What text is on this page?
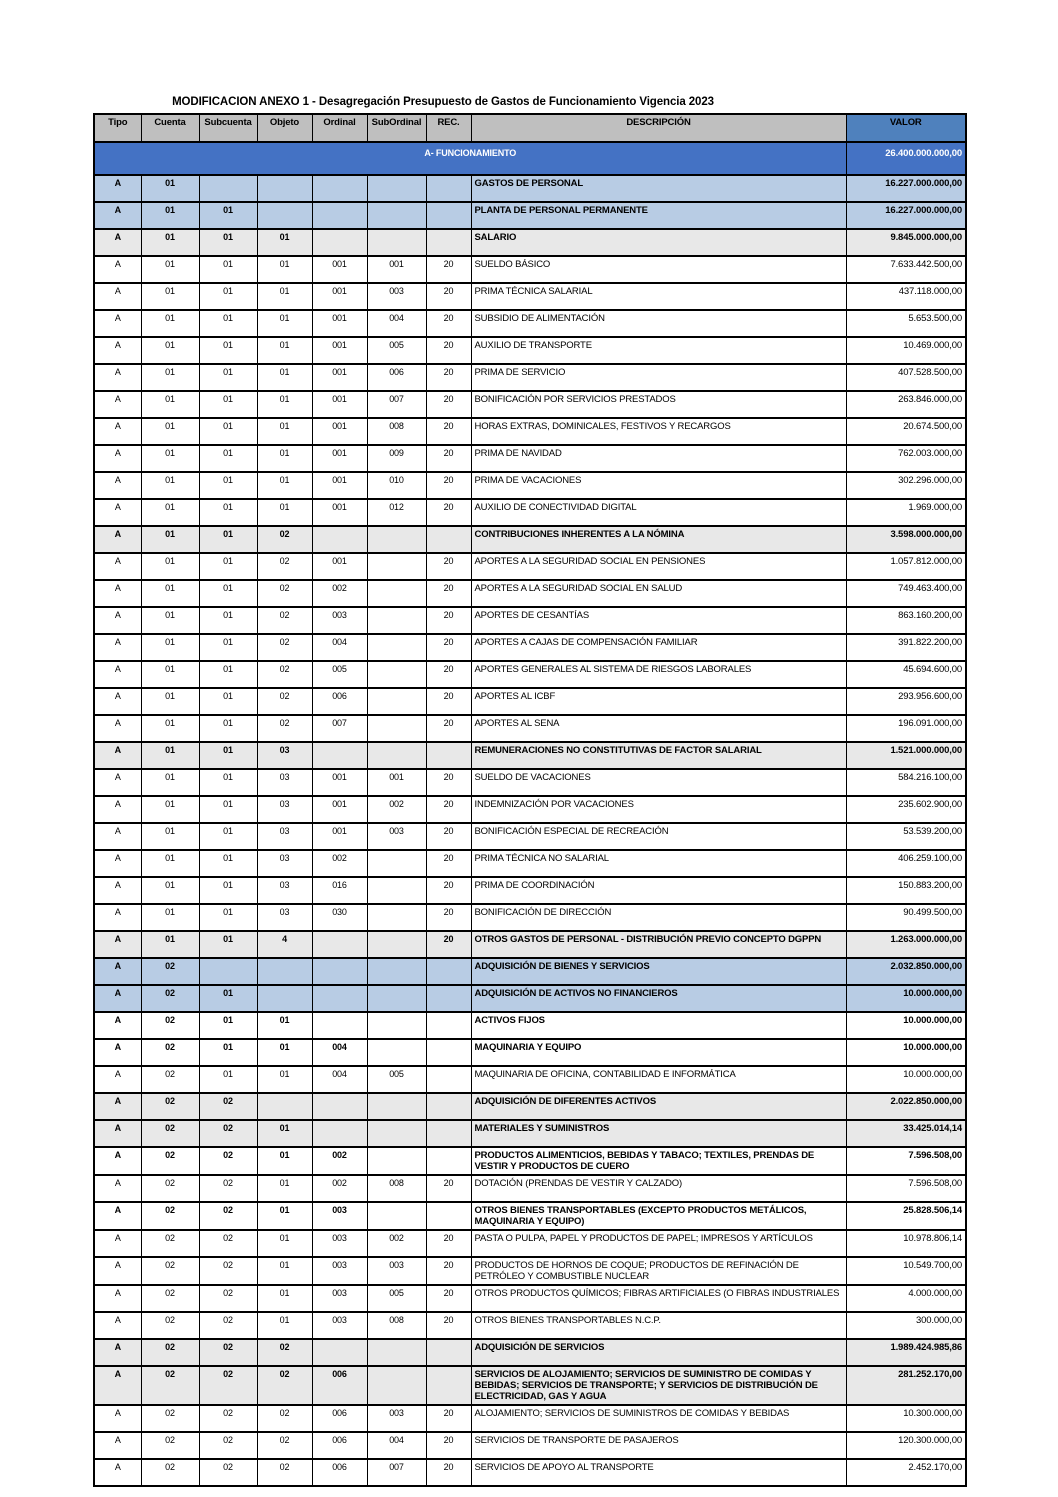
MODIFICACION ANEXO 1 - Desagregación Presupuesto de Gastos de Funcionamiento Vigencia 2023
Tipo	Cuenta	Subcuenta	Objeto	Ordinal	SubOrdinal	REC.	DESCRIPCIÓN	VALOR
A- FUNCIONAMIENTO								26.400.000.000,00
A	01						GASTOS DE PERSONAL	16.227.000.000,00
A	01	01					PLANTA DE PERSONAL PERMANENTE	16.227.000.000,00
A	01	01	01				SALARIO	9.845.000.000,00
A	01	01	01	001	001	20	SUELDO BÁSICO	7.633.442.500,00
A	01	01	01	001	003	20	PRIMA TÉCNICA SALARIAL	437.118.000,00
A	01	01	01	001	004	20	SUBSIDIO DE ALIMENTACIÓN	5.653.500,00
A	01	01	01	001	005	20	AUXILIO DE TRANSPORTE	10.469.000,00
A	01	01	01	001	006	20	PRIMA DE SERVICIO	407.528.500,00
A	01	01	01	001	007	20	BONIFICACIÓN POR SERVICIOS PRESTADOS	263.846.000,00
A	01	01	01	001	008	20	HORAS EXTRAS, DOMINICALES, FESTIVOS Y RECARGOS	20.674.500,00
A	01	01	01	001	009	20	PRIMA DE NAVIDAD	762.003.000,00
A	01	01	01	001	010	20	PRIMA DE VACACIONES	302.296.000,00
A	01	01	01	001	012	20	AUXILIO DE CONECTIVIDAD DIGITAL	1.969.000,00
A	01	01	02				CONTRIBUCIONES INHERENTES A LA NÓMINA	3.598.000.000,00
A	01	01	02	001		20	APORTES A LA SEGURIDAD SOCIAL EN PENSIONES	1.057.812.000,00
A	01	01	02	002		20	APORTES A LA SEGURIDAD SOCIAL EN SALUD	749.463.400,00
A	01	01	02	003		20	APORTES DE CESANTÍAS	863.160.200,00
A	01	01	02	004		20	APORTES A CAJAS DE COMPENSACIÓN FAMILIAR	391.822.200,00
A	01	01	02	005		20	APORTES GENERALES AL SISTEMA DE RIESGOS LABORALES	45.694.600,00
A	01	01	02	006		20	APORTES AL ICBF	293.956.600,00
A	01	01	02	007		20	APORTES AL SENA	196.091.000,00
A	01	01	03				REMUNERACIONES NO CONSTITUTIVAS DE FACTOR SALARIAL	1.521.000.000,00
A	01	01	03	001	001	20	SUELDO DE VACACIONES	584.216.100,00
A	01	01	03	001	002	20	INDEMNIZACIÓN POR VACACIONES	235.602.900,00
A	01	01	03	001	003	20	BONIFICACIÓN ESPECIAL DE RECREACIÓN	53.539.200,00
A	01	01	03	002		20	PRIMA TÉCNICA NO SALARIAL	406.259.100,00
A	01	01	03	016		20	PRIMA DE COORDINACIÓN	150.883.200,00
A	01	01	03	030		20	BONIFICACIÓN DE DIRECCIÓN	90.499.500,00
A	01	01	4			20	OTROS GASTOS DE PERSONAL - DISTRIBUCIÓN PREVIO CONCEPTO DGPPN	1.263.000.000,00
A	02						ADQUISICIÓN DE BIENES Y SERVICIOS	2.032.850.000,00
A	02	01					ADQUISICIÓN DE ACTIVOS NO FINANCIEROS	10.000.000,00
A	02	01	01				ACTIVOS FIJOS	10.000.000,00
A	02	01	01	004			MAQUINARIA Y EQUIPO	10.000.000,00
A	02	01	01	004	005		MAQUINARIA DE OFICINA, CONTABILIDAD E INFORMÁTICA	10.000.000,00
A	02	02					ADQUISICIÓN DE DIFERENTES ACTIVOS	2.022.850.000,00
A	02	02	01				MATERIALES Y SUMINISTROS	33.425.014,14
A	02	02	01	002			PRODUCTOS ALIMENTICIOS, BEBIDAS Y TABACO; TEXTILES, PRENDAS DE VESTIR Y PRODUCTOS DE CUERO	7.596.508,00
A	02	02	01	002	008	20	DOTACIÓN (PRENDAS DE VESTIR Y CALZADO)	7.596.508,00
A	02	02	01	003			OTROS BIENES TRANSPORTABLES (EXCEPTO PRODUCTOS METÁLICOS, MAQUINARIA Y EQUIPO)	25.828.506,14
A	02	02	01	003	002	20	PASTA O PULPA, PAPEL Y PRODUCTOS DE PAPEL; IMPRESOS Y ARTÍCULOS	10.978.806,14
A	02	02	01	003	003	20	PRODUCTOS DE HORNOS DE COQUE; PRODUCTOS DE REFINACIÓN DE PETRÓLEO Y COMBUSTIBLE NUCLEAR	10.549.700,00
A	02	02	01	003	005	20	OTROS PRODUCTOS QUÍMICOS; FIBRAS ARTIFICIALES (O FIBRAS INDUSTRIALES	4.000.000,00
A	02	02	01	003	008	20	OTROS BIENES TRANSPORTABLES N.C.P.	300.000,00
A	02	02	02				ADQUISICIÓN DE SERVICIOS	1.989.424.985,86
A	02	02	02	006			SERVICIOS DE ALOJAMIENTO; SERVICIOS DE SUMINISTRO DE COMIDAS Y BEBIDAS; SERVICIOS DE TRANSPORTE; Y SERVICIOS DE DISTRIBUCIÓN DE ELECTRICIDAD, GAS Y AGUA	281.252.170,00
A	02	02	02	006	003	20	ALOJAMIENTO; SERVICIOS DE SUMINISTROS DE COMIDAS Y BEBIDAS	10.300.000,00
A	02	02	02	006	004	20	SERVICIOS DE TRANSPORTE DE PASAJEROS	120.300.000,00
A	02	02	02	006	007	20	SERVICIOS DE APOYO AL TRANSPORTE	2.452.170,00
